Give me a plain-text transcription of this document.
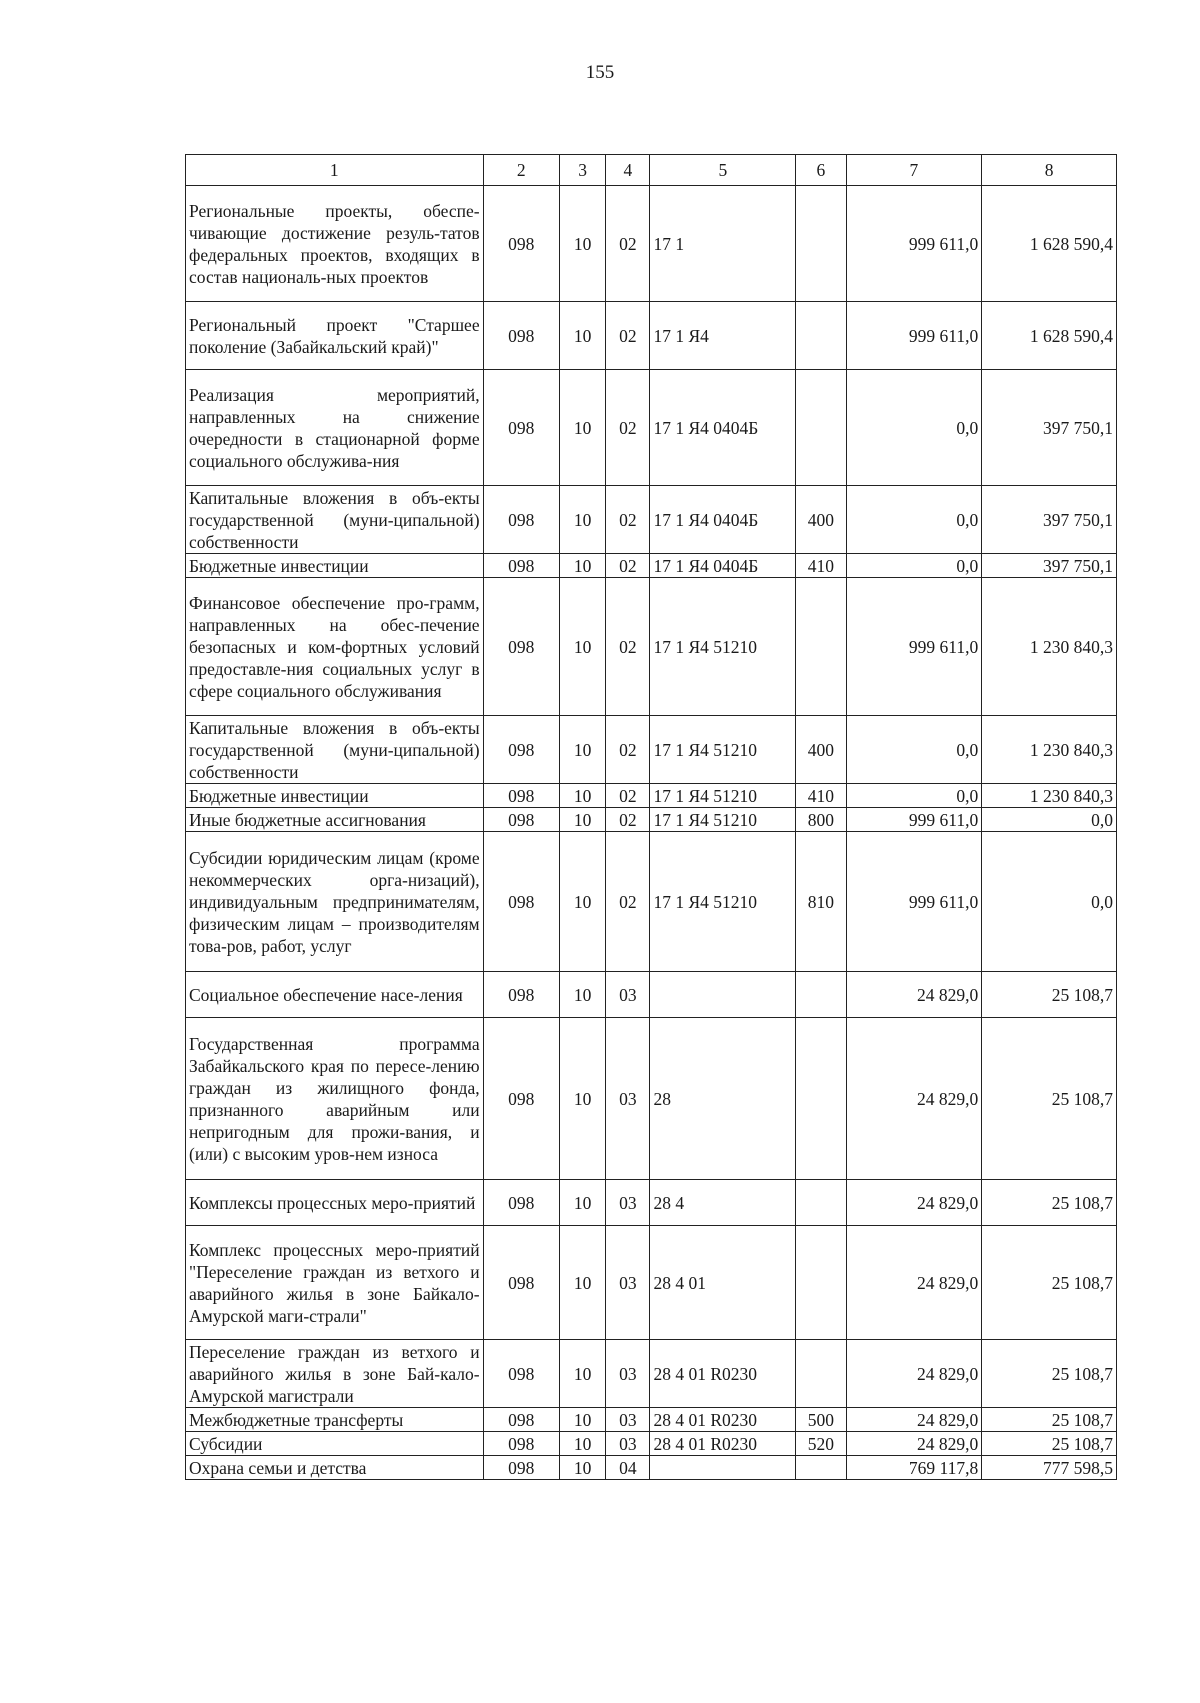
155
1	2	3	4	5	6	7	8
Региональные проекты, обеспе-чивающие достижение резуль-татов федеральных проектов, входящих в состав националь-ных проектов	098	10	02	17 1		999 611,0	1 628 590,4
Региональный проект "Старшее поколение (Забайкальский край)"	098	10	02	17 1 Я4		999 611,0	1 628 590,4
Реализация мероприятий, направленных на снижение очередности в стационарной форме социального обслужива-ния	098	10	02	17 1 Я4 0404Б		0,0	397 750,1
Капитальные вложения в объ-екты государственной (муни-ципальной) собственности	098	10	02	17 1 Я4 0404Б	400	0,0	397 750,1
Бюджетные инвестиции	098	10	02	17 1 Я4 0404Б	410	0,0	397 750,1
Финансовое обеспечение про-грамм, направленных на обес-печение безопасных и ком-фортных условий предоставле-ния социальных услуг в сфере социального обслуживания	098	10	02	17 1 Я4 51210		999 611,0	1 230 840,3
Капитальные вложения в объ-екты государственной (муни-ципальной) собственности	098	10	02	17 1 Я4 51210	400	0,0	1 230 840,3
Бюджетные инвестиции	098	10	02	17 1 Я4 51210	410	0,0	1 230 840,3
Иные бюджетные ассигнования	098	10	02	17 1 Я4 51210	800	999 611,0	0,0
Субсидии юридическим лицам (кроме некоммерческих орга-низаций), индивидуальным предпринимателям, физическим лицам – производителям това-ров, работ, услуг	098	10	02	17 1 Я4 51210	810	999 611,0	0,0
Социальное обеспечение насе-ления	098	10	03			24 829,0	25 108,7
Государственная программа Забайкальского края по пересе-лению граждан из жилищного фонда, признанного аварийным или непригодным для прожи-вания, и (или) с высоким уров-нем износа	098	10	03	28		24 829,0	25 108,7
Комплексы процессных меро-приятий	098	10	03	28 4		24 829,0	25 108,7
Комплекс процессных меро-приятий "Переселение граждан из ветхого и аварийного жилья в зоне Байкало-Амурской маги-страли"	098	10	03	28 4 01		24 829,0	25 108,7
Переселение граждан из ветхого и аварийного жилья в зоне Бай-кало-Амурской магистрали	098	10	03	28 4 01 R0230		24 829,0	25 108,7
Межбюджетные трансферты	098	10	03	28 4 01 R0230	500	24 829,0	25 108,7
Субсидии	098	10	03	28 4 01 R0230	520	24 829,0	25 108,7
Охрана семьи и детства	098	10	04			769 117,8	777 598,5
